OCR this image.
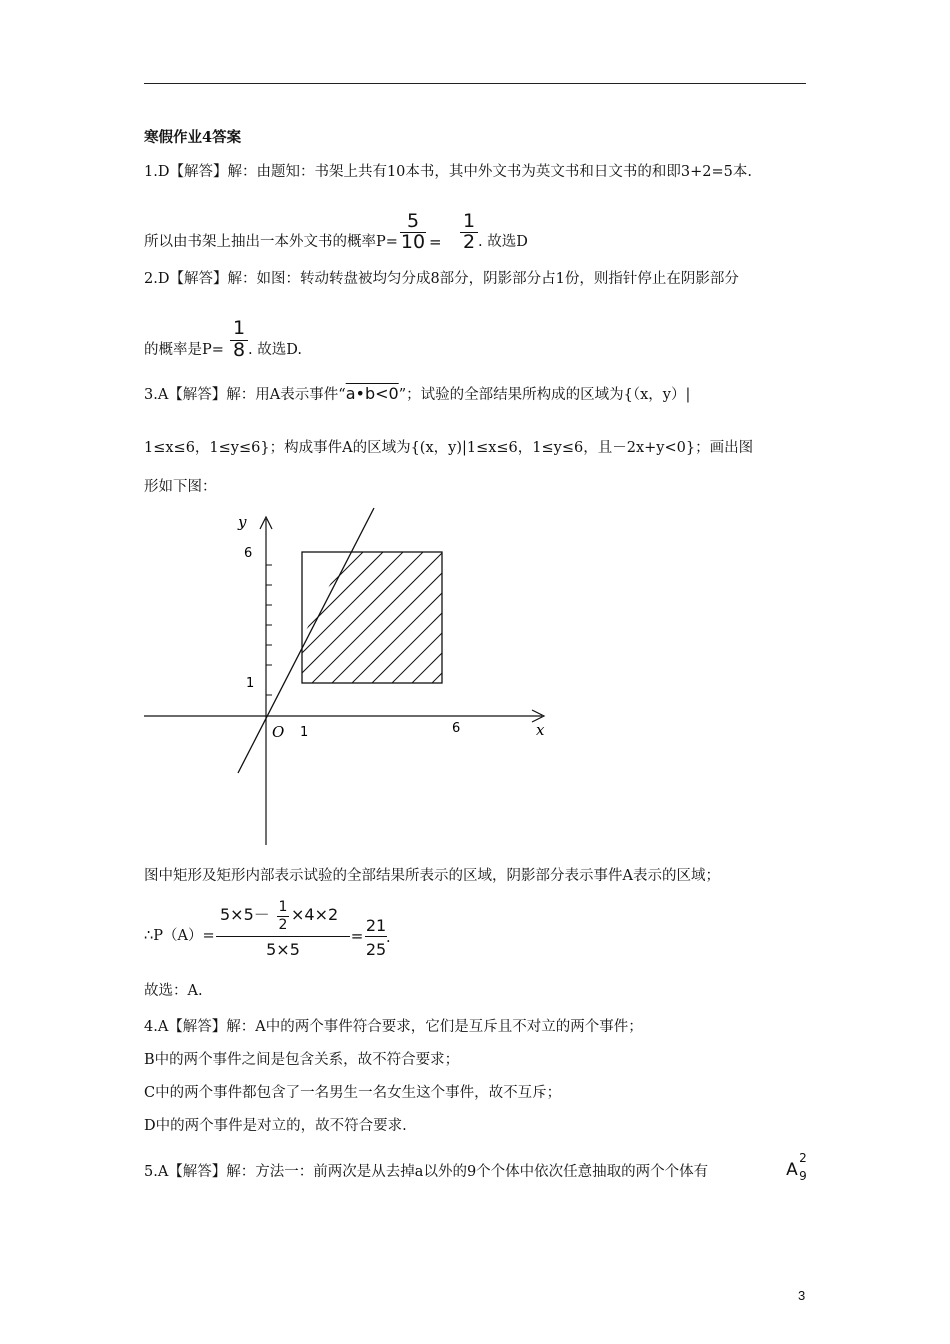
寒假作业4答案
1.D【解答】解：由题知：书架上共有10本书，其中外文书为英文书和日文书的和即3+2=5本.
所以由书架上抽出一本外文书的概率P=
5
10 =
1
2 . 故选D
2.D【解答】解：如图：转动转盘被均匀分成8部分，阴影部分占1份，则指针停止在阴影部分
的概率是P=
1
8 . 故选D.
3.A【解答】解：用A表示事件“a•b<0”；试验的全部结果所构成的区域为{（x，y）|
1≤x≤6，1≤y≤6}；构成事件A的区域为{(x，y)|1≤x≤6，1≤y≤6，且－2x+y<0}；画出图
形如下图：
y
x
O
6
1
1	6
图中矩形及矩形内部表示试验的全部结果所表示的区域，阴影部分表示事件A表示的区域；
∴P（A）=
5×5－ 1
2
×4×2
5×5
=
21
25
.
故选：A.
4.A【解答】解：A中的两个事件符合要求，它们是互斥且不对立的两个事件；
B中的两个事件之间是包含关系，故不符合要求；
C中的两个事件都包含了一名男生一名女生这个事件，故不互斥；
D中的两个事件是对立的，故不符合要求.
5.A【解答】解：方法一：前两次是从去掉a以外的9个个体中依次任意抽取的两个个体有	A
2
9
3
